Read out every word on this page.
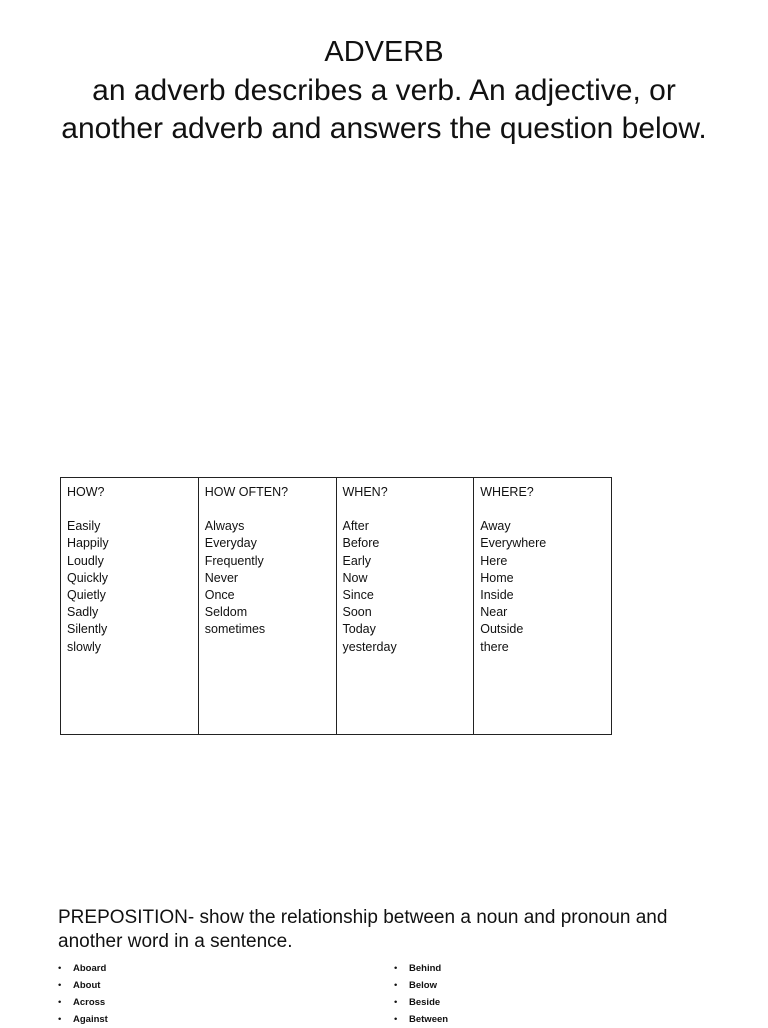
ADVERB
an adverb describes a verb. An adjective, or another adverb and answers the question below.
HOW?
Easily
Happily
Loudly
Quickly
Quietly
Sadly
Silently
slowly
HOW OFTEN?
Always
Everyday
Frequently
Never
Once
Seldom
sometimes
WHEN?
After
Before
Early
Now
Since
Soon
Today
yesterday
WHERE?
Away
Everywhere
Here
Home
Inside
Near
Outside
there
PREPOSITION- show the relationship between a noun and pronoun and another word in a sentence.
• Aboard
• About
• Across
• Against
• Behind
• Below
• Beside
• Between
